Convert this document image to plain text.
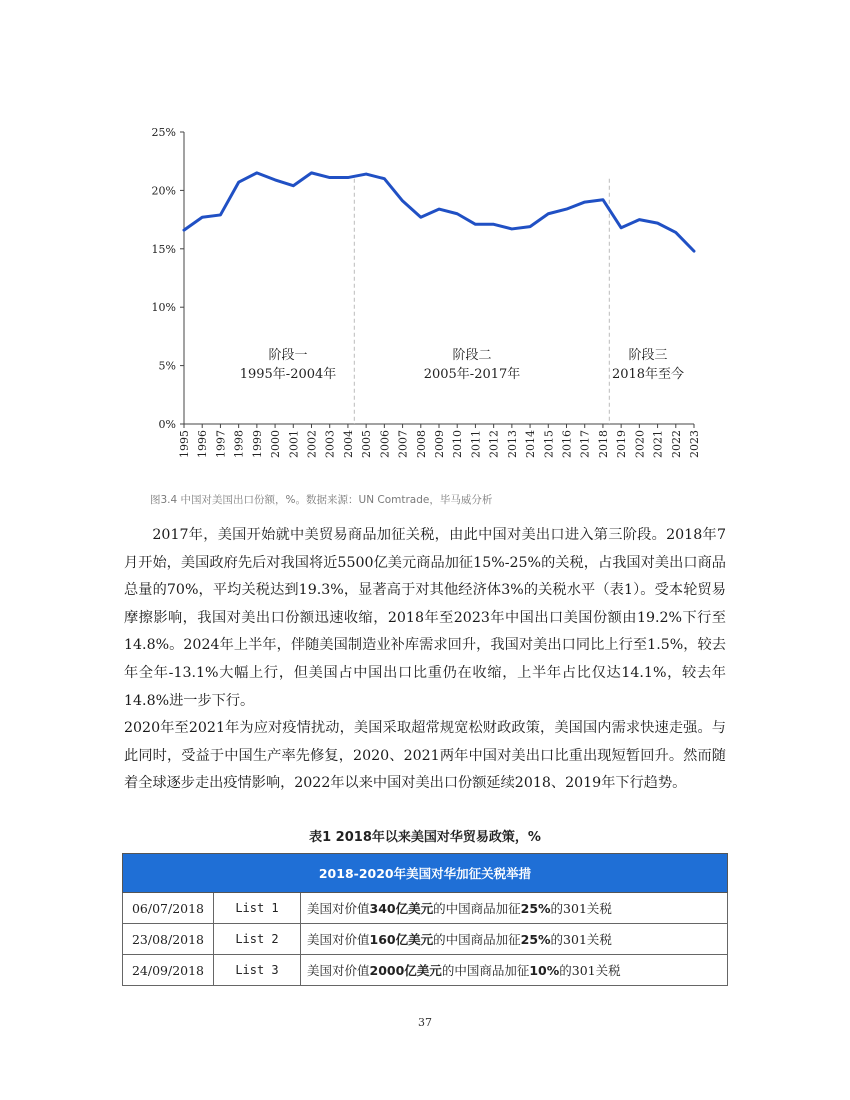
0%
5%
10%
15%
20%
25%
1995 1996 1997 1998 1999 2000 2001 2002 2003 2004 2005 2006 2007 2008 2009 2010 2011 2012 2013 2014 2015 2016 2017 2018 2019 2020 2021 2022 2023
阶段一
1995年-2004年
阶段二
2005年-2017年
阶段三
2018年至今
图3.4 中国对美国出口份额，%。数据来源：UN Comtrade，毕马威分析

2017年，美国开始就中美贸易商品加征关税，由此中国对美出口进入第三阶段。2018年7月开始，美国政府先后对我国将近5500亿美元商品加征15%-25%的关税，占我国对美出口商品总量的70%，平均关税达到19.3%，显著高于对其他经济体3%的关税水平（表1）。受本轮贸易摩擦影响，我国对美出口份额迅速收缩，2018年至2023年中国出口美国份额由19.2%下行至14.8%。2024年上半年，伴随美国制造业补库需求回升，我国对美出口同比上行至1.5%，较去年全年-13.1%大幅上行，但美国占中国出口比重仍在收缩，上半年占比仅达14.1%，较去年14.8%进一步下行。

2020年至2021年为应对疫情扰动，美国采取超常规宽松财政政策，美国国内需求快速走强。与此同时，受益于中国生产率先修复，2020、2021两年中国对美出口比重出现短暂回升。然而随着全球逐步走出疫情影响，2022年以来中国对美出口份额延续2018、2019年下行趋势。

表1 2018年以来美国对华贸易政策，%
2018-2020年美国对华加征关税举措		
06/07/2018	List 1	美国对价值340亿美元的中国商品加征25%的301关税
23/08/2018	List 2	美国对价值160亿美元的中国商品加征25%的301关税
24/09/2018	List 3	美国对价值2000亿美元的中国商品加征10%的301关税
37
